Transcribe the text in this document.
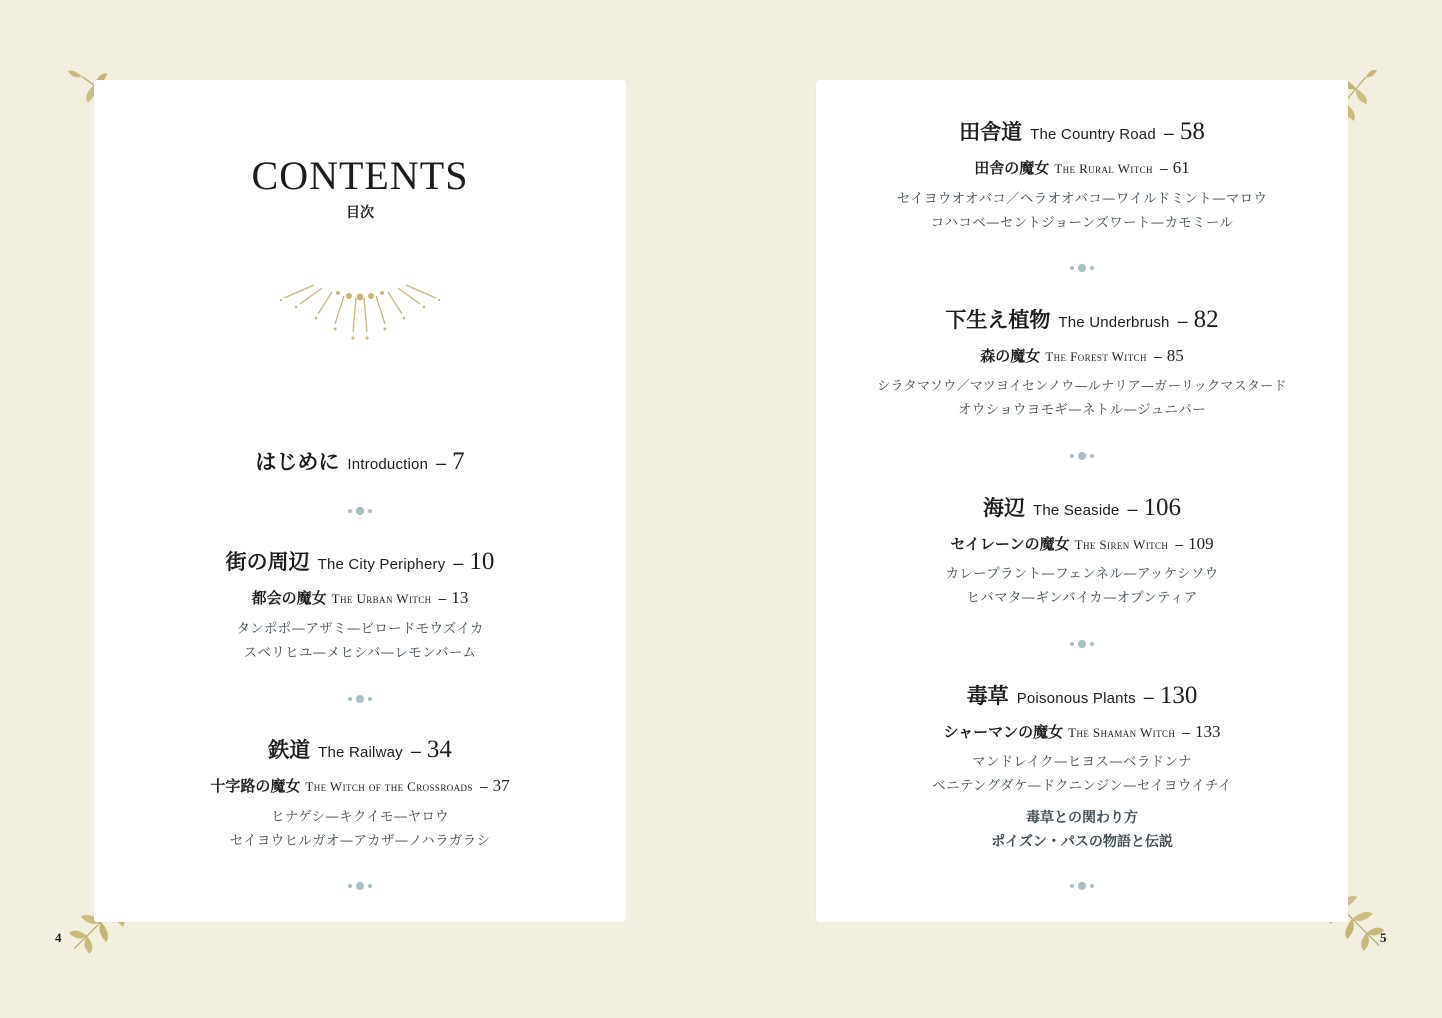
CONTENTS
目次
はじめに Introduction – 7
街の周辺 The City Periphery – 10
都会の魔女 The Urban Witch – 13
タンポポ—アザミ—ビロードモウズイカ
スベリヒユ—メヒシバ—レモンバーム
鉄道 The Railway – 34
十字路の魔女 The Witch of the Crossroads – 37
ヒナゲシ—キクイモ—ヤロウ
セイヨウヒルガオ—アカザ—ノハラガラシ
4
田舎道 The Country Road – 58
田舎の魔女 The Rural Witch – 61
セイヨウオオバコ／ヘラオオバコ—ワイルドミント—マロウ
コハコベ—セントジョーンズワート—カモミール
下生え植物 The Underbrush – 82
森の魔女 The Forest Witch – 85
シラタマソウ／マツヨイセンノウ—ルナリア—ガーリックマスタード
オウショウヨモギ—ネトル—ジュニパー
海辺 The Seaside – 106
セイレーンの魔女 The Siren Witch – 109
カレープラント—フェンネル—アッケシソウ
ヒバマタ—ギンバイカ—オプンティア
毒草 Poisonous Plants – 130
シャーマンの魔女 The Shaman Witch – 133
マンドレイク—ヒヨス—ベラドンナ
ベニテングダケ—ドクニンジン—セイヨウイチイ
毒草との関わり方
ポイズン・パスの物語と伝説
5
